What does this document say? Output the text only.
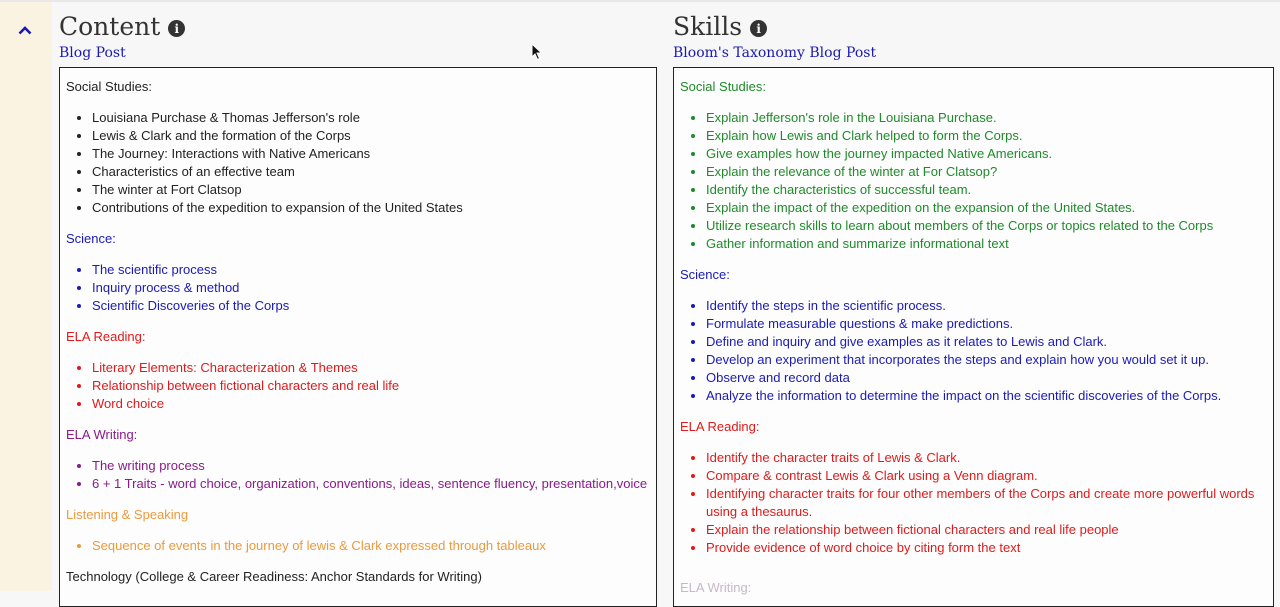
Content	i
Blog Post
Social Studies:
• Louisiana Purchase & Thomas Jefferson's role
• Lewis & Clark and the formation of the Corps
• The Journey: Interactions with Native Americans
• Characteristics of an effective team
• The winter at Fort Clatsop
• Contributions of the expedition to expansion of the United States
Science:
• The scientific process
• Inquiry process & method
• Scientific Discoveries of the Corps
ELA Reading:
• Literary Elements: Characterization & Themes
• Relationship between fictional characters and real life
• Word choice
ELA Writing:
• The writing process
• 6 + 1 Traits - word choice, organization, conventions, ideas, sentence fluency, presentation,voice
Listening & Speaking
• Sequence of events in the journey of lewis & Clark expressed through tableaux
Technology (College & Career Readiness: Anchor Standards for Writing)
Skills	i
Bloom's Taxonomy Blog Post
Social Studies:
• Explain Jefferson's role in the Louisiana Purchase.
• Explain how Lewis and Clark helped to form the Corps.
• Give examples how the journey impacted Native Americans.
• Explain the relevance of the winter at For Clatsop?
• Identify the characteristics of successful team.
• Explain the impact of the expedition on the expansion of the United States.
• Utilize research skills to learn about members of the Corps or topics related to the Corps
• Gather information and summarize informational text
Science:
• Identify the steps in the scientific process.
• Formulate measurable questions & make predictions.
• Define and inquiry and give examples as it relates to Lewis and Clark.
• Develop an experiment that incorporates the steps and explain how you would set it up.
• Observe and record data
• Analyze the information to determine the impact on the scientific discoveries of the Corps.
ELA Reading:
• Identify the character traits of Lewis & Clark.
• Compare & contrast Lewis & Clark using a Venn diagram.
• Identifying character traits for four other members of the Corps and create more powerful words using a thesaurus.
• Explain the relationship between fictional characters and real life people
• Provide evidence of word choice by citing form the text
ELA Writing:
